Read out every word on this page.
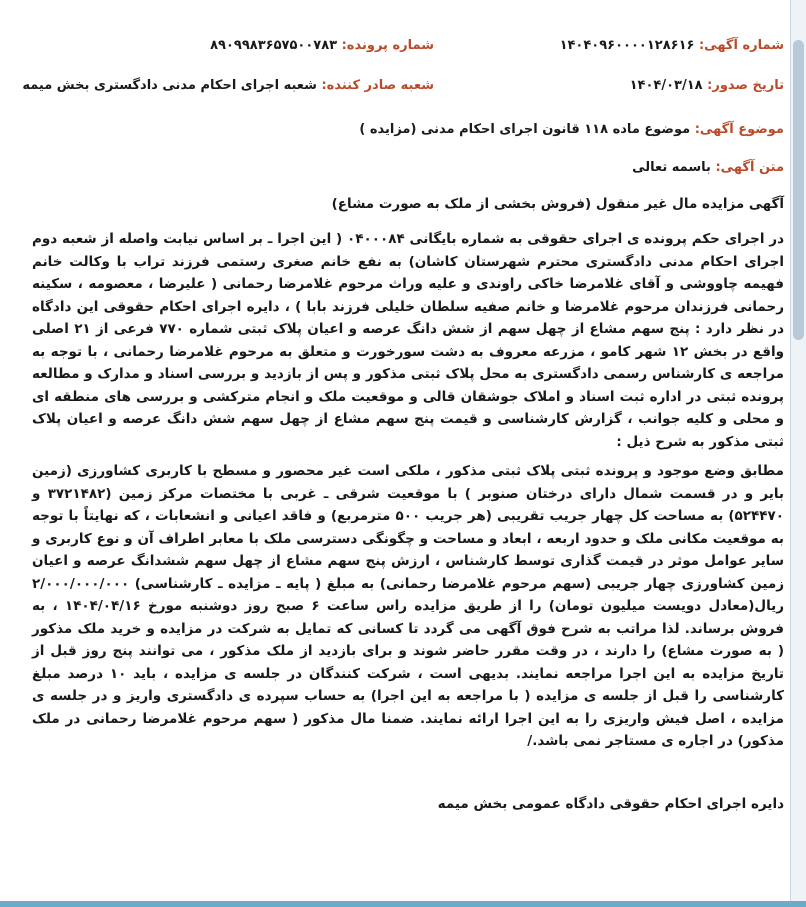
شماره آگهی: ۱۴۰۴۰۹۶۰۰۰۰۱۲۸۶۱۶
شماره پرونده: ۸۹۰۹۹۸۳۶۵۷۵۰۰۷۸۳
تاریخ صدور: ۱۴۰۴/۰۳/۱۸
شعبه صادر کننده: شعبه اجرای احکام مدنی دادگستری بخش میمه
موضوع آگهی: موضوع ماده ۱۱۸ قانون اجرای احکام مدنی (مزایده )
متن آگهی: باسمه تعالی
آگهی مزایده مال غیر منقول (فروش بخشی از ملک به صورت مشاع)
در اجرای حکم پرونده ی اجرای حقوقی به شماره بایگانی ۰۴۰۰۰۸۴ ( این اجرا ـ بر اساس نیابت واصله از شعبه دوم اجرای احکام مدنی دادگستری محترم شهرستان کاشان) به نفع خانم صغری رستمی فرزند تراب با وکالت خانم فهیمه چاووشی و آقای غلامرضا خاکی راوندی و علیه وراث مرحوم غلامرضا رحمانی ( علیرضا ، معصومه ، سکینه رحمانی فرزندان مرحوم غلامرضا و خانم صفیه سلطان خلیلی فرزند بابا ) ، دایره اجرای احکام حقوقی این دادگاه در نظر دارد : پنج سهم مشاع از چهل سهم از شش دانگ عرصه و اعیان پلاک ثبتی شماره ۷۷۰ فرعی از ۲۱ اصلی واقع در بخش ۱۲ شهر کامو ، مزرعه معروف به دشت سورخورت و متعلق به مرحوم غلامرضا رحمانی ، با توجه به مراجعه ی کارشناس رسمی دادگستری به محل پلاک ثبتی مذکور و پس از بازدید و بررسی اسناد و مدارک و مطالعه پرونده ثبتی در اداره ثبت اسناد و املاک جوشقان قالی و موقعیت ملک و انجام مترکشی و بررسی های منطقه ای و محلی و کلیه جوانب ، گزارش کارشناسی و قیمت پنج سهم مشاع از چهل سهم شش دانگ عرصه و اعیان پلاک ثبتی مذکور به شرح ذیل :
مطابق وضع موجود و پرونده ثبتی پلاک ثبتی مذکور ، ملکی است غیر محصور و مسطح با کاربری کشاورزی (زمین بایر و در قسمت شمال دارای درختان صنوبر ) با موقعیت شرقی ـ غربی با مختصات مرکز زمین (۳۷۲۱۴۸۲ و ۵۲۴۴۷۰) به مساحت کل چهار جریب تقریبی (هر جریب ۵۰۰ مترمربع) و فاقد اعیانی و انشعابات ، که نهایتاً با توجه به موقعیت مکانی ملک و حدود اربعه ، ابعاد و مساحت و چگونگی دسترسی ملک با معابر اطراف آن و نوع کاربری و سایر عوامل موثر در قیمت گذاری توسط کارشناس ، ارزش پنج سهم مشاع از چهل سهم ششدانگ عرصه و اعیان زمین کشاورزی چهار جریبی (سهم مرحوم غلامرضا رحمانی) به مبلغ ( پایه ـ مزایده ـ کارشناسی) ۲/۰۰۰/۰۰۰/۰۰۰ ریال(معادل دویست میلیون تومان) را از طریق مزایده راس ساعت ۶ صبح روز دوشنبه مورخ ۱۴۰۴/۰۴/۱۶ ، به فروش برساند. لذا مراتب به شرح فوق آگهی می گردد تا کسانی که تمایل به شرکت در مزایده و خرید ملک مذکور ( به صورت مشاع) را دارند ، در وقت مقرر حاضر شوند و برای بازدید از ملک مذکور ، می توانند پنج روز قبل از تاریخ مزایده به این اجرا مراجعه نمایند. بدیهی است ، شرکت کنندگان در جلسه ی مزایده ، باید ۱۰ درصد مبلغ کارشناسی را قبل از جلسه ی مزایده ( با مراجعه به این اجرا) به حساب سپرده ی دادگستری واریز و در جلسه ی مزایده ، اصل فیش واریزی را به این اجرا ارائه نمایند. ضمنا مال مذکور ( سهم مرحوم غلامرضا رحمانی در ملک مذکور) در اجاره ی مستاجر نمی باشد./
دایره اجرای احکام حقوقی دادگاه عمومی بخش میمه
